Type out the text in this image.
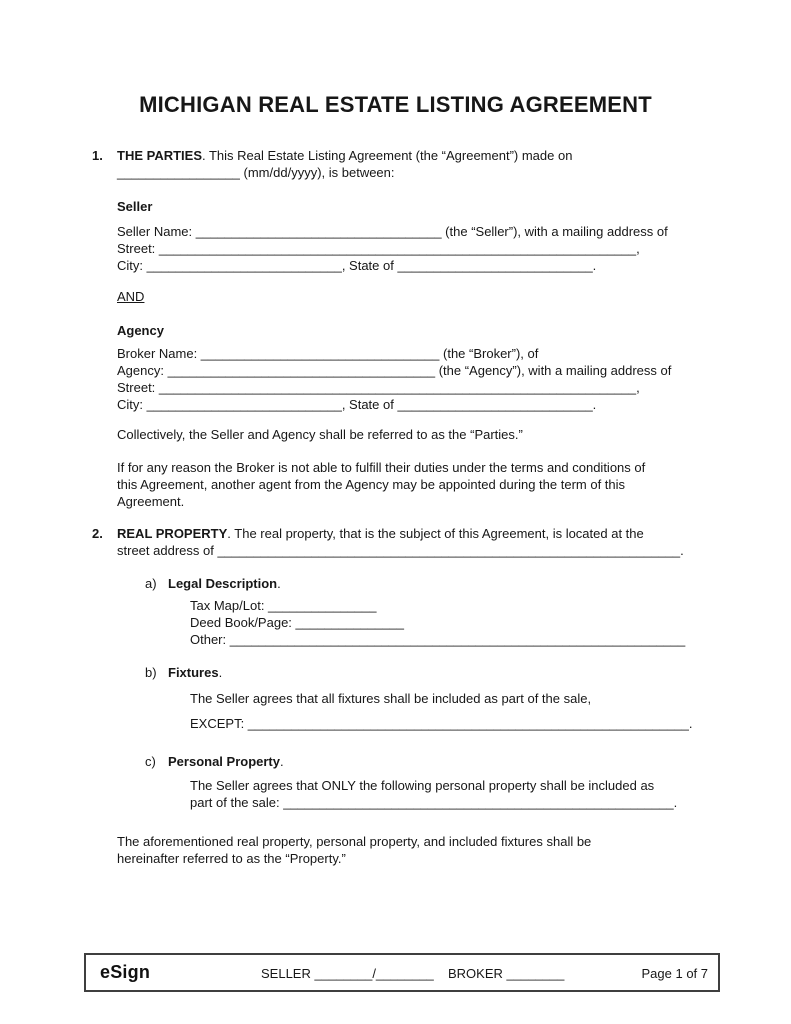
MICHIGAN REAL ESTATE LISTING AGREEMENT
1. THE PARTIES. This Real Estate Listing Agreement (the “Agreement”) made on
_________________ (mm/dd/yyyy), is between:
Seller
Seller Name: __________________________________ (the “Seller”), with a mailing address of
Street: __________________________________________________________________,
City: ___________________________, State of ___________________________.
AND
Agency
Broker Name: _________________________________ (the “Broker”), of
Agency: _____________________________________ (the “Agency”), with a mailing address of
Street: __________________________________________________________________,
City: ___________________________, State of ___________________________.
Collectively, the Seller and Agency shall be referred to as the “Parties.”
If for any reason the Broker is not able to fulfill their duties under the terms and conditions of
this Agreement, another agent from the Agency may be appointed during the term of this
Agreement.
2. REAL PROPERTY. The real property, that is the subject of this Agreement, is located at the
street address of ________________________________________________________________.
a) Legal Description.
Tax Map/Lot: _______________
Deed Book/Page: _______________
Other: _______________________________________________________________
b) Fixtures.
The Seller agrees that all fixtures shall be included as part of the sale,
EXCEPT: _____________________________________________________________.
c) Personal Property.
The Seller agrees that ONLY the following personal property shall be included as
part of the sale: ______________________________________________________.
The aforementioned real property, personal property, and included fixtures shall be
hereinafter referred to as the “Property.”
eSign	SELLER ________/________ BROKER ________	Page 1 of 7
